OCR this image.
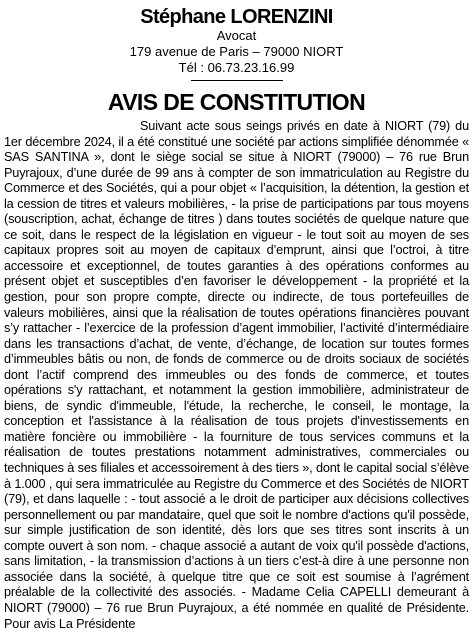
Stéphane LORENZINI
Avocat
179 avenue de Paris – 79000 NIORT
Tél : 06.73.23.16.99
AVIS DE CONSTITUTION
Suivant acte sous seings privés en date à NIORT (79) du 1er décembre 2024, il a été constitué une société par actions simplifiée dénommée « SAS SANTINA », dont le siège social se situe à NIORT (79000) – 76 rue Brun Puyrajoux, d’une durée de 99 ans à compter de son immatriculation au Registre du Commerce et des Sociétés, qui a pour objet « l’acquisition, la détention, la gestion et la cession de titres et valeurs mobilières, - la prise de participations par tous moyens (souscription, achat, échange de titres ) dans toutes sociétés de quelque nature que ce soit, dans le respect de la législation en vigueur - le tout soit au moyen de ses capitaux propres soit au moyen de capitaux d’emprunt, ainsi que l’octroi, à titre accessoire et exceptionnel, de toutes garanties à des opérations conformes au présent objet et susceptibles d’en favoriser le développement - la propriété et la gestion, pour son propre compte, directe ou indirecte, de tous portefeuilles de valeurs mobilières, ainsi que la réalisation de toutes opérations financières pouvant s’y rattacher - l’exercice de la profession d’agent immobilier, l’activité d’intermédiaire dans les transactions d’achat, de vente, d’échange, de location sur toutes formes d’immeubles bâtis ou non, de fonds de commerce ou de droits sociaux de sociétés dont l’actif comprend des immeubles ou des fonds de commerce, et toutes opérations s'y rattachant, et notamment la gestion immobilière, administrateur de biens, de syndic d'immeuble, l'étude, la recherche, le conseil, le montage, la conception et l'assistance à la réalisation de tous projets d'investissements en matière foncière ou immobilière - la fourniture de tous services communs et la réalisation de toutes prestations notamment administratives, commerciales ou techniques à ses filiales et accessoirement à des tiers », dont le capital social s’élève à 1.000 , qui sera immatriculée au Registre du Commerce et des Sociétés de NIORT (79), et dans laquelle : - tout associé a le droit de participer aux décisions collectives personnellement ou par mandataire, quel que soit le nombre d'actions qu'il possède, sur simple justification de son identité, dès lors que ses titres sont inscrits à un compte ouvert à son nom. - chaque associé a autant de voix qu'il possède d'actions, sans limitation, - la transmission d’actions à un tiers c’est-à dire à une personne non associée dans la société, à quelque titre que ce soit est soumise à l’agrément préalable de la collectivité des associés. - Madame Celia CAPELLI demeurant à NIORT (79000) – 76 rue Brun Puyrajoux, a été nommée en qualité de Présidente. Pour avis La Présidente
